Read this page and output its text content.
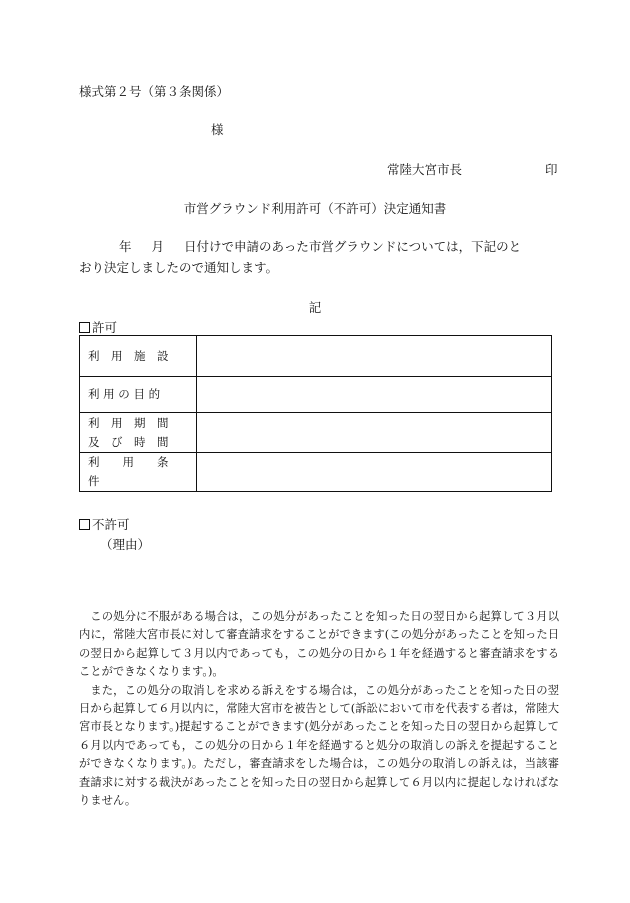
様式第２号（第３条関係）
様
常陸大宮市長	印
市営グラウンド利用許可（不許可）決定通知書
年 月 日付けで申請のあった市営グラウンドについては，下記のと
おり決定しましたので通知します。
記
許可
利　用　施　設	

利 用 の 目 的	

利　用　期　間
及　び　時　間	

利　　用　　条　　件	

不許可
（理由）

この処分に不服がある場合は，この処分があったことを知った日の翌日から起算して３月以内に，常陸大宮市長に対して審査請求をすることができます(この処分があったことを知った日の翌日から起算して３月以内であっても，この処分の日から１年を経過すると審査請求をすることができなくなります。)。

また，この処分の取消しを求める訴えをする場合は，この処分があったことを知った日の翌日から起算して６月以内に，常陸大宮市を被告として(訴訟において市を代表する者は，常陸大宮市長となります。)提起することができます(処分があったことを知った日の翌日から起算して６月以内であっても，この処分の日から１年を経過すると処分の取消しの訴えを提起することができなくなります。)。ただし，審査請求をした場合は，この処分の取消しの訴えは，当該審査請求に対する裁決があったことを知った日の翌日から起算して６月以内に提起しなければなりません。
